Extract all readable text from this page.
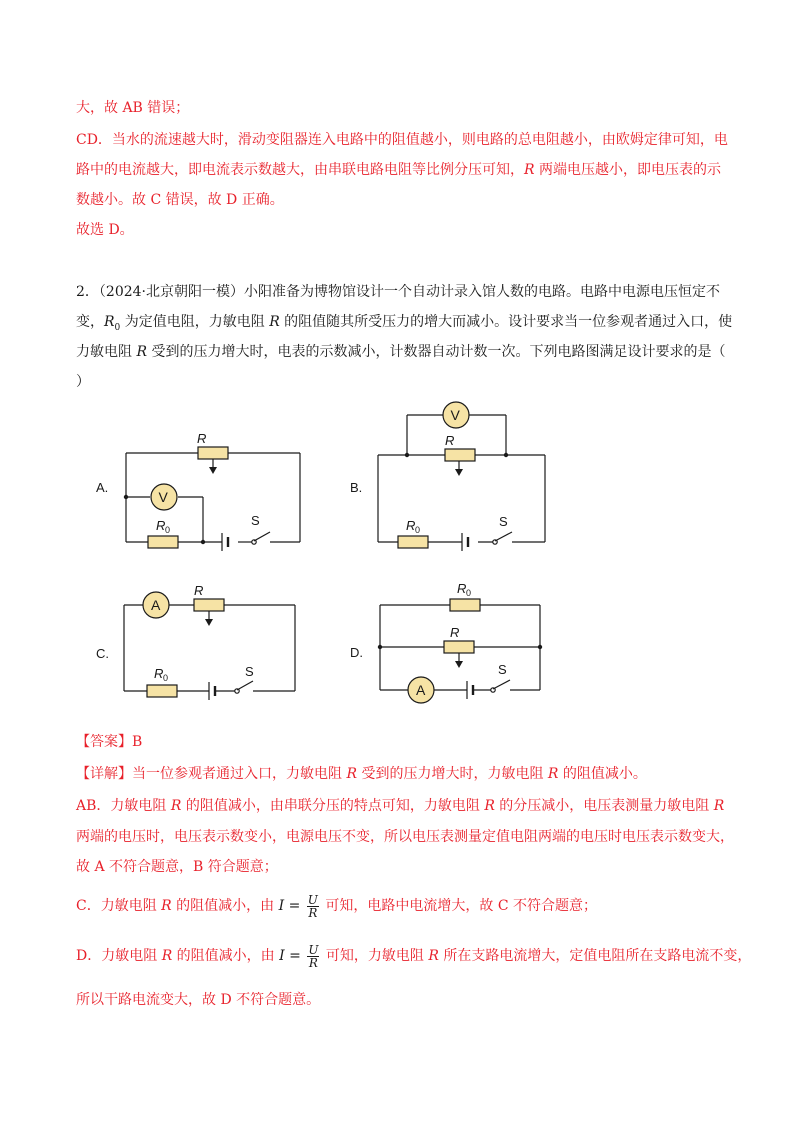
大，故 AB 错误；
CD．当水的流速越大时，滑动变阻器连入电路中的阻值越小，则电路的总电阻越小，由欧姆定律可知，电
路中的电流越大，即电流表示数越大，由串联电路电阻等比例分压可知，R 两端电压越小，即电压表的示
数越小。故 C 错误，故 D 正确。
故选 D。
2．（2024·北京朝阳一模）小阳准备为博物馆设计一个自动计录入馆人数的电路。电路中电源电压恒定不
变，$R_0$ 为定值电阻，力敏电阻 R 的阻值随其所受压力的增大而减小。设计要求当一位参观者通过入口，使
力敏电阻 R 受到的压力增大时，电表的示数减小，计数器自动计数一次。下列电路图满足设计要求的是（
）
A.
R
R 0
V
S
B.
R
V
R 0
S
C.
A
R
R 0	S
D.
R 0
R
A
S
【答案】B
【详解】当一位参观者通过入口，力敏电阻 R 受到的压力增大时，力敏电阻 R 的阻值减小。
AB．力敏电阻 R 的阻值减小，由串联分压的特点可知，力敏电阻 R 的分压减小，电压表测量力敏电阻 R
两端的电压时，电压表示数变小，电源电压不变，所以电压表测量定值电阻两端的电压时电压表示数变大，
故 A 不符合题意，B 符合题意；
C．力敏电阻 R 的阻值减小，由 $I = \frac{U}{R}$ 可知，电路中电流增大，故 C 不符合题意；
D．力敏电阻 R 的阻值减小，由 $I = \frac{U}{R}$ 可知，力敏电阻 R 所在支路电流增大，定值电阻所在支路电流不变，
所以干路电流变大，故 D 不符合题意。
